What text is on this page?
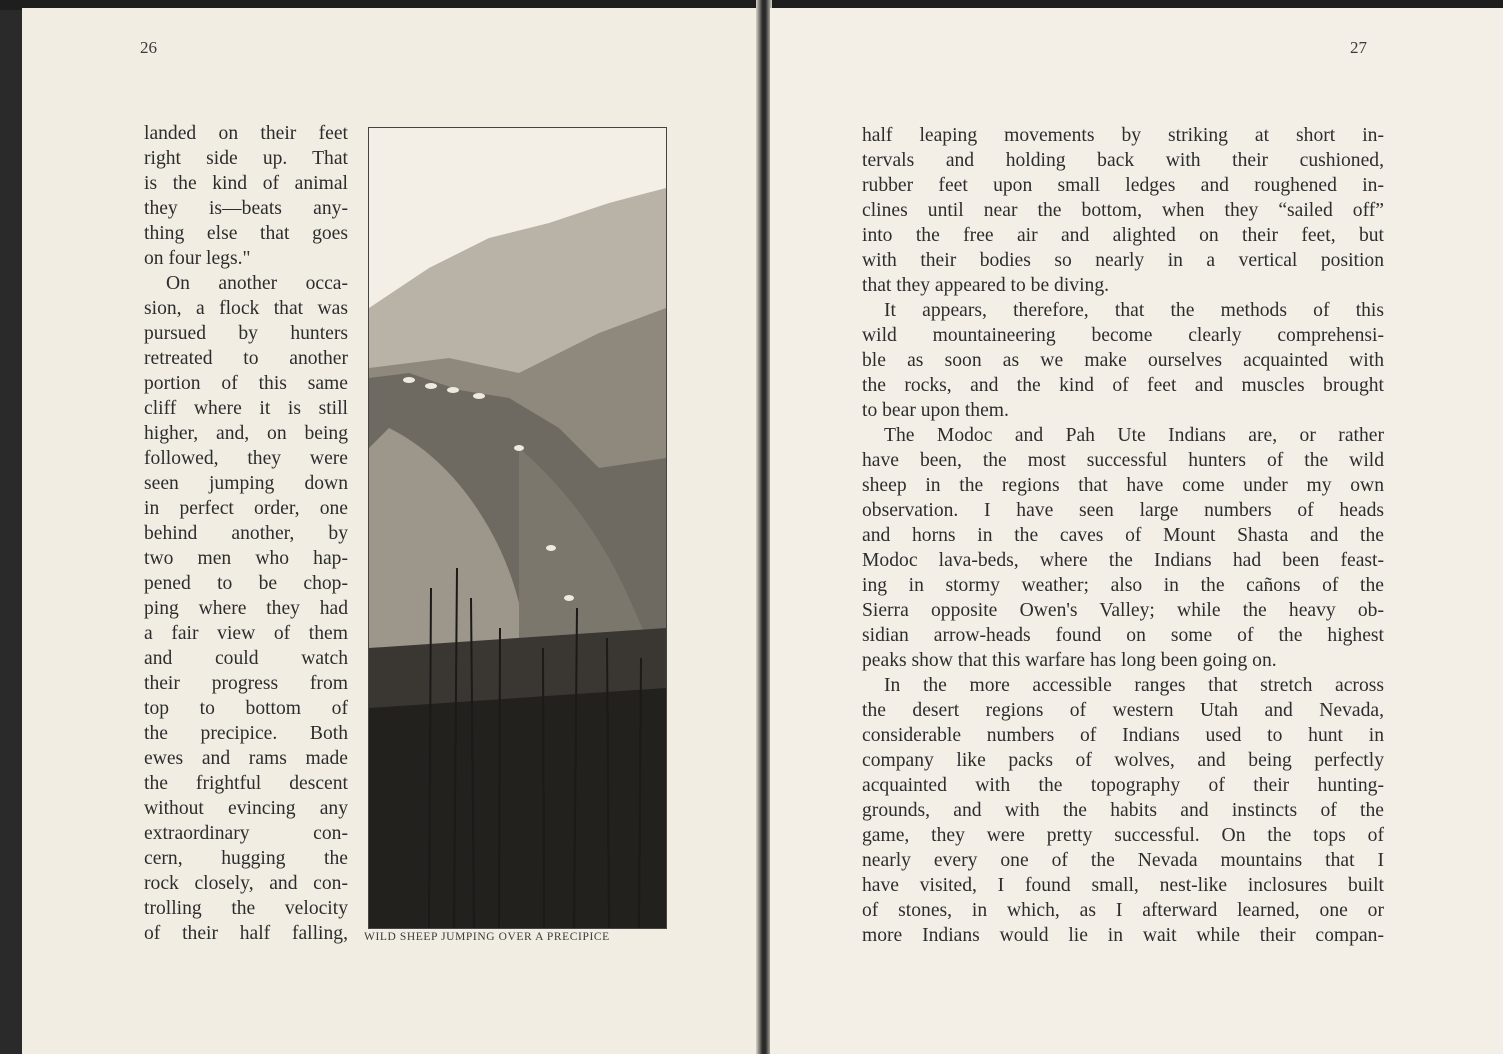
26
landed on their feet
right side up. That
is the kind of animal
they is—beats any-
thing else that goes
on four legs."
On another occa-
sion, a flock that was
pursued by hunters
retreated to another
portion of this same
cliff where it is still
higher, and, on being
followed, they were
seen jumping down
in perfect order, one
behind another, by
two men who hap-
pened to be chop-
ping where they had
a fair view of them
and could watch
their progress from
top to bottom of
the precipice. Both
ewes and rams made
the frightful descent
without evincing any
extraordinary con-
cern, hugging the
rock closely, and con-
trolling the velocity
of their half falling, WILD SHEEP JUMPING OVER A PRECIPICE
27
half leaping movements by striking at short in-
tervals and holding back with their cushioned,
rubber feet upon small ledges and roughened in-
clines until near the bottom, when they “sailed off”
into the free air and alighted on their feet, but
with their bodies so nearly in a vertical position
that they appeared to be diving.
It appears, therefore, that the methods of this
wild mountaineering become clearly comprehensi-
ble as soon as we make ourselves acquainted with
the rocks, and the kind of feet and muscles brought
to bear upon them.
The Modoc and Pah Ute Indians are, or rather
have been, the most successful hunters of the wild
sheep in the regions that have come under my own
observation. I have seen large numbers of heads
and horns in the caves of Mount Shasta and the
Modoc lava-beds, where the Indians had been feast-
ing in stormy weather; also in the cañons of the
Sierra opposite Owen's Valley; while the heavy ob-
sidian arrow-heads found on some of the highest
peaks show that this warfare has long been going on.
In the more accessible ranges that stretch across
the desert regions of western Utah and Nevada,
considerable numbers of Indians used to hunt in
company like packs of wolves, and being perfectly
acquainted with the topography of their hunting-
grounds, and with the habits and instincts of the
game, they were pretty successful. On the tops of
nearly every one of the Nevada mountains that I
have visited, I found small, nest-like inclosures built
of stones, in which, as I afterward learned, one or
more Indians would lie in wait while their compan-
